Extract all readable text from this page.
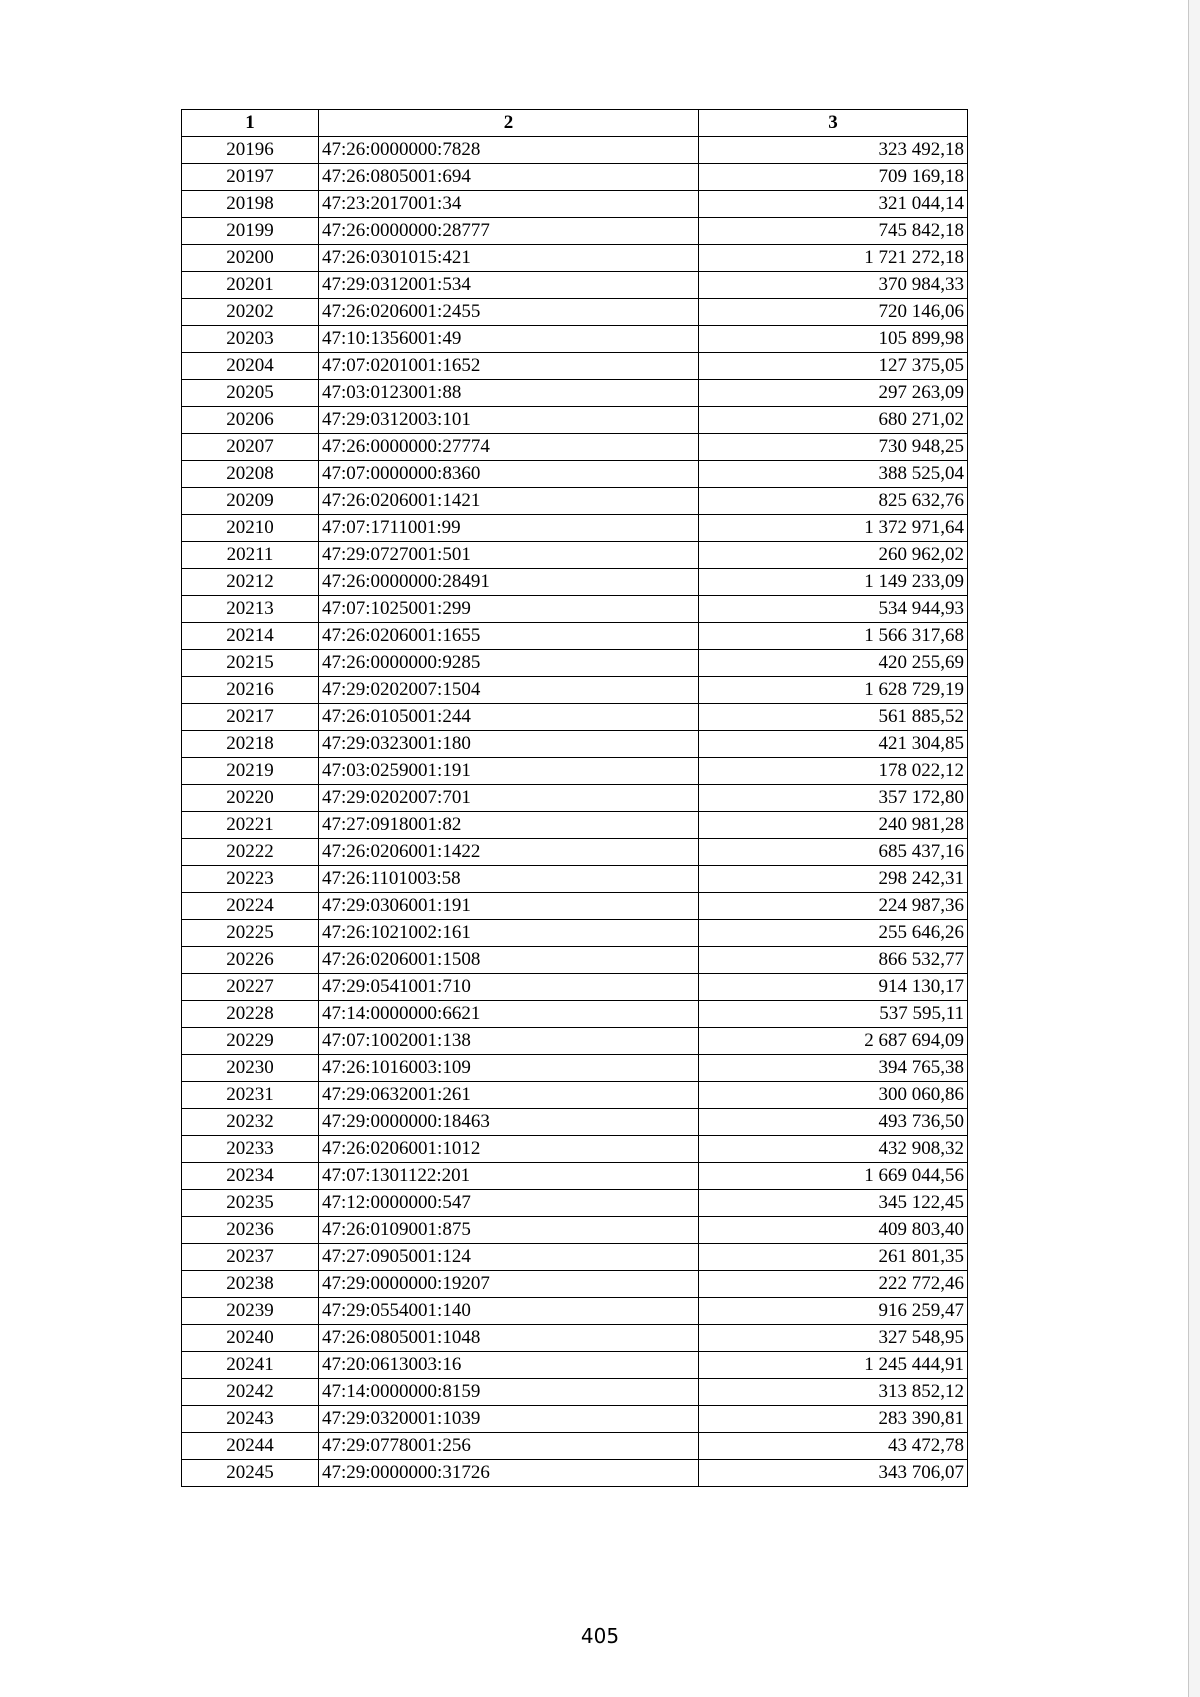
1	2	3
20196	47:26:0000000:7828	323 492,18
20197	47:26:0805001:694	709 169,18
20198	47:23:2017001:34	321 044,14
20199	47:26:0000000:28777	745 842,18
20200	47:26:0301015:421	1 721 272,18
20201	47:29:0312001:534	370 984,33
20202	47:26:0206001:2455	720 146,06
20203	47:10:1356001:49	105 899,98
20204	47:07:0201001:1652	127 375,05
20205	47:03:0123001:88	297 263,09
20206	47:29:0312003:101	680 271,02
20207	47:26:0000000:27774	730 948,25
20208	47:07:0000000:8360	388 525,04
20209	47:26:0206001:1421	825 632,76
20210	47:07:1711001:99	1 372 971,64
20211	47:29:0727001:501	260 962,02
20212	47:26:0000000:28491	1 149 233,09
20213	47:07:1025001:299	534 944,93
20214	47:26:0206001:1655	1 566 317,68
20215	47:26:0000000:9285	420 255,69
20216	47:29:0202007:1504	1 628 729,19
20217	47:26:0105001:244	561 885,52
20218	47:29:0323001:180	421 304,85
20219	47:03:0259001:191	178 022,12
20220	47:29:0202007:701	357 172,80
20221	47:27:0918001:82	240 981,28
20222	47:26:0206001:1422	685 437,16
20223	47:26:1101003:58	298 242,31
20224	47:29:0306001:191	224 987,36
20225	47:26:1021002:161	255 646,26
20226	47:26:0206001:1508	866 532,77
20227	47:29:0541001:710	914 130,17
20228	47:14:0000000:6621	537 595,11
20229	47:07:1002001:138	2 687 694,09
20230	47:26:1016003:109	394 765,38
20231	47:29:0632001:261	300 060,86
20232	47:29:0000000:18463	493 736,50
20233	47:26:0206001:1012	432 908,32
20234	47:07:1301122:201	1 669 044,56
20235	47:12:0000000:547	345 122,45
20236	47:26:0109001:875	409 803,40
20237	47:27:0905001:124	261 801,35
20238	47:29:0000000:19207	222 772,46
20239	47:29:0554001:140	916 259,47
20240	47:26:0805001:1048	327 548,95
20241	47:20:0613003:16	1 245 444,91
20242	47:14:0000000:8159	313 852,12
20243	47:29:0320001:1039	283 390,81
20244	47:29:0778001:256	43 472,78
20245	47:29:0000000:31726	343 706,07
405
